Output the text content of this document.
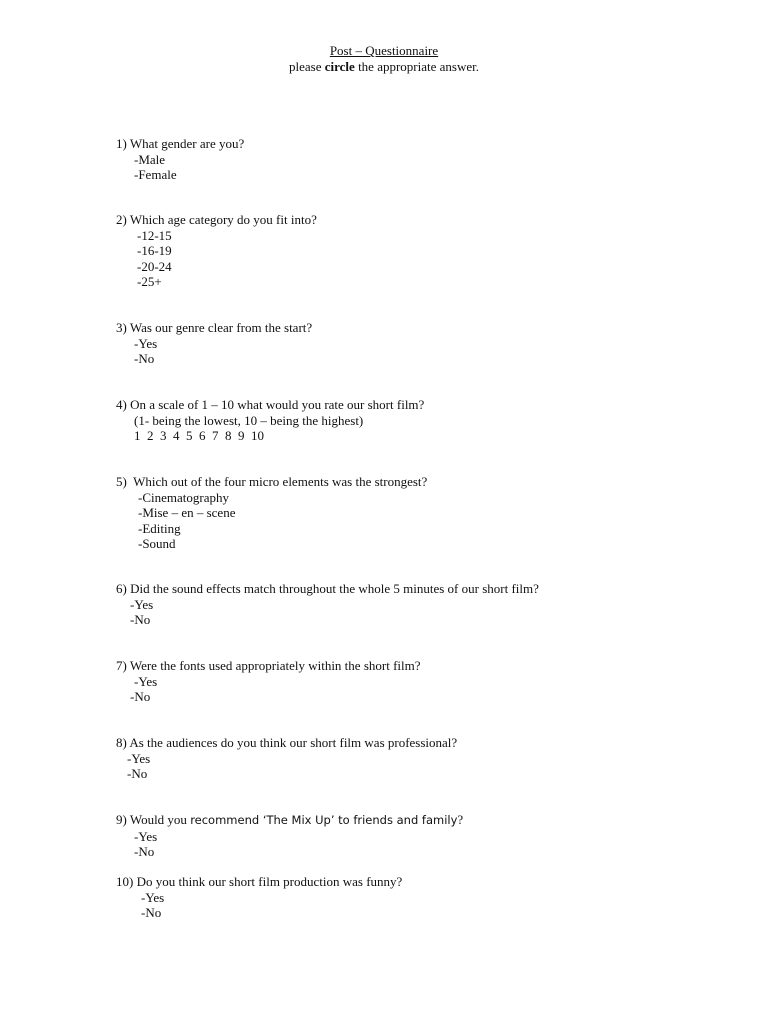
Post – Questionnaire
please circle the appropriate answer.
1) What gender are you?
-Male
-Female
2) Which age category do you fit into?
-12-15
-16-19
-20-24
-25+
3) Was our genre clear from the start?
-Yes
-No
4) On a scale of 1 – 10 what would you rate our short film?
(1- being the lowest, 10 – being the highest)
1  2  3  4  5  6  7  8  9  10
5)  Which out of the four micro elements was the strongest?
-Cinematography
-Mise – en – scene
-Editing
-Sound
6) Did the sound effects match throughout the whole 5 minutes of our short film?
-Yes
-No
7) Were the fonts used appropriately within the short film?
-Yes
-No
8) As the audiences do you think our short film was professional?
-Yes
-No
9) Would you recommend ‘The Mix Up’ to friends and family?
-Yes
-No
10) Do you think our short film production was funny?
-Yes
-No
